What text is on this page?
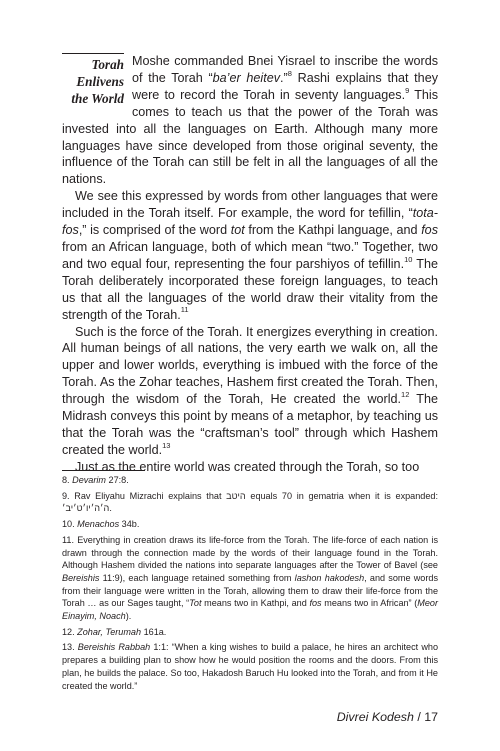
Torah
Enlivens
the World

Moshe commanded Bnei Yisrael to inscribe the words of the Torah “ba’er heitev.”$^8$ Rashi explains that they were to record the Torah in seventy languages.$^9$ This comes to teach us that the power of the Torah was invested into all the languages on Earth. Although many more languages have since developed from those original seventy, the influence of the Torah can still be felt in all the languages of all the nations.

We see this expressed by words from other languages that were included in the Torah itself. For example, the word for tefillin, “totafos,” is comprised of the word tot from the Kathpi language, and fos from an African language, both of which mean “two.” Together, two and two equal four, representing the four parshiyos of tefillin.$^{10}$ The Torah deliberately incorporated these foreign languages, to teach us that all the languages of the world draw their vitality from the strength of the Torah.$^{11}$

Such is the force of the Torah. It energizes everything in creation. All human beings of all nations, the very earth we walk on, all the upper and lower worlds, everything is imbued with the force of the Torah. As the Zohar teaches, Hashem first created the Torah. Then, through the wisdom of the Torah, He created the world.$^{12}$ The Midrash conveys this point by means of a metaphor, by teaching us that the Torah was the “craftsman’s tool” through which Hashem created the world.$^{13}$

Just as the entire world was created through the Torah, so too

8. Devarim 27:8.

9. Rav Eliyahu Mizrachi explains that היטב equals 70 in gematria when it is expanded: ה׳ה׳יו׳ט׳יב׳.

10. Menachos 34b.

11. Everything in creation draws its life-force from the Torah. The life-force of each nation is drawn through the connection made by the words of their language found in the Torah. Although Hashem divided the nations into separate languages after the Tower of Bavel (see Bereishis 11:9), each language retained something from lashon hakodesh, and some words from their language were written in the Torah, allowing them to draw their life-force from the Torah … as our Sages taught, “Tot means two in Kathpi, and fos means two in African” (Meor Einayim, Noach).

12. Zohar, Terumah 161a.

13. Bereishis Rabbah 1:1: “When a king wishes to build a palace, he hires an architect who prepares a building plan to show how he would position the rooms and the doors. From this plan, he builds the palace. So too, Hakadosh Baruch Hu looked into the Torah, and from it He created the world.”

Divrei Kodesh / 17
